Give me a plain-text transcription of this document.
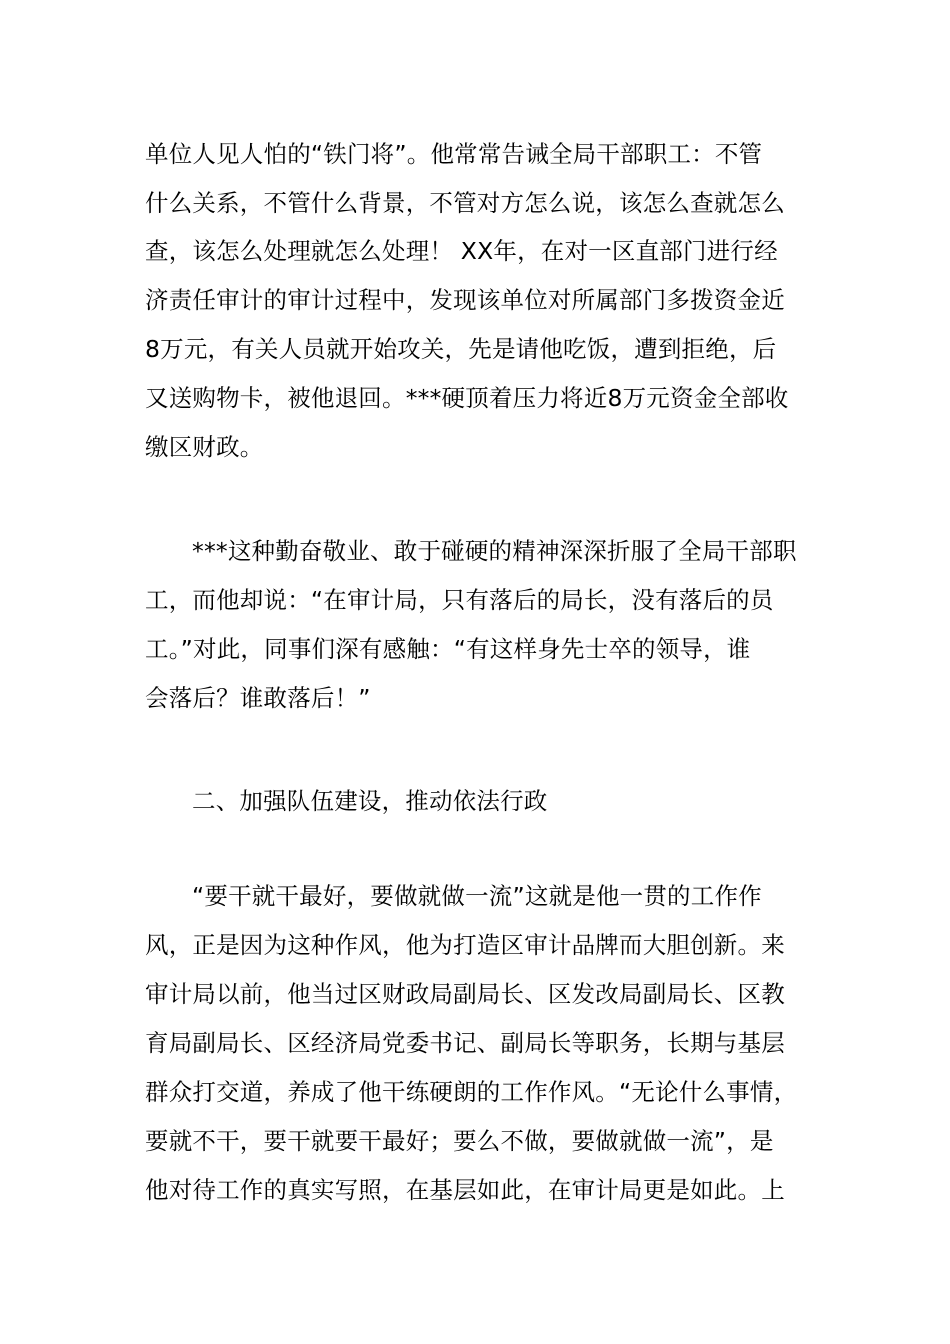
单位人见人怕的“铁门将”。他常常告诫全局干部职工：不管
什么关系，不管什么背景，不管对方怎么说，该怎么查就怎么
查，该怎么处理就怎么处理！ XX年，在对一区直部门进行经
济责任审计的审计过程中，发现该单位对所属部门多拨资金近
8万元，有关人员就开始攻关，先是请他吃饭，遭到拒绝，后
又送购物卡，被他退回。***硬顶着压力将近8万元资金全部收
缴区财政。
***这种勤奋敬业、敢于碰硬的精神深深折服了全局干部职
工，而他却说：“在审计局，只有落后的局长，没有落后的员
工。”对此，同事们深有感触：“有这样身先士卒的领导，谁
会落后？谁敢落后！”
二、加强队伍建设，推动依法行政
“要干就干最好，要做就做一流”这就是他一贯的工作作
风，正是因为这种作风，他为打造区审计品牌而大胆创新。来
审计局以前，他当过区财政局副局长、区发改局副局长、区教
育局副局长、区经济局党委书记、副局长等职务，长期与基层
群众打交道，养成了他干练硬朗的工作作风。“无论什么事情，
要就不干，要干就要干最好；要么不做，要做就做一流”，是
他对待工作的真实写照，在基层如此，在审计局更是如此。上
